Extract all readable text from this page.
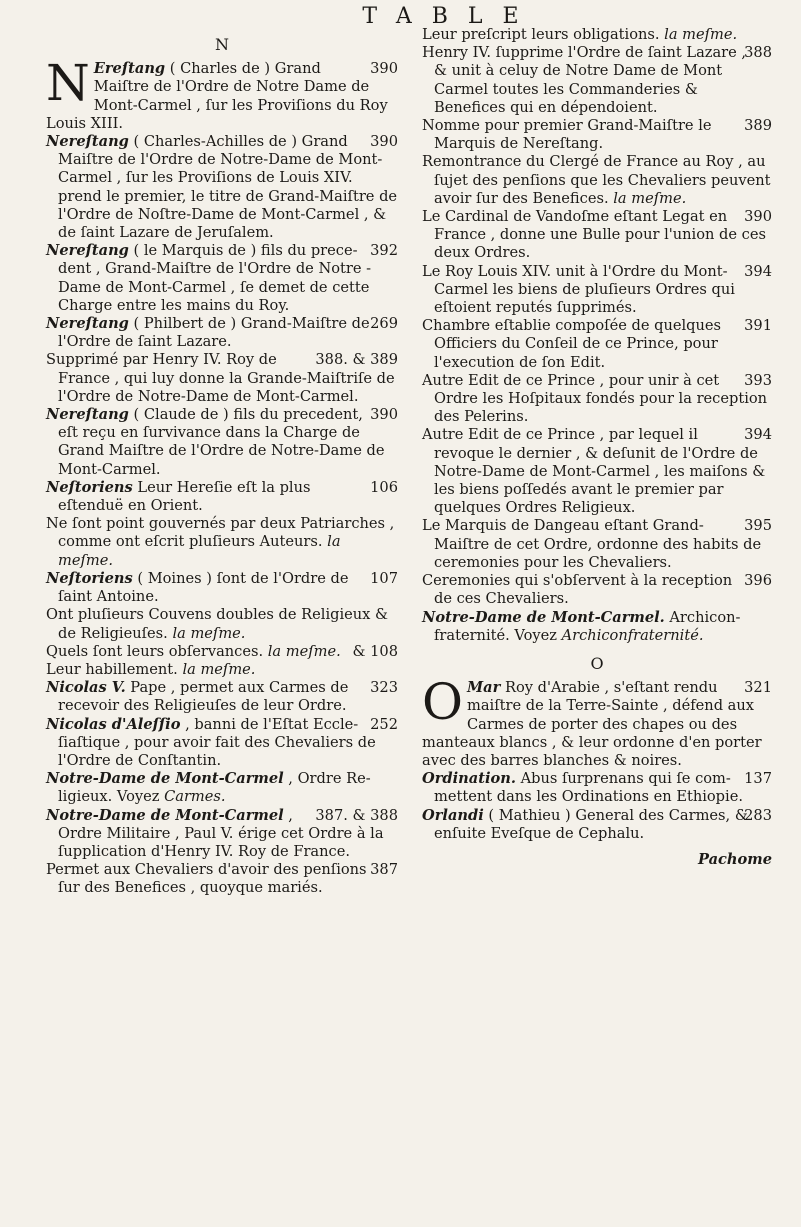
TABLE
N

N	390
Ereſtang ( Charles de ) Grand Maiſtre de l'Ordre de Notre Dame de Mont-Carmel , ſur les Proviſions du Roy Louis XIII.

390
Nereſtang ( Charles-Achilles de ) Grand Maiſtre de l'Ordre de Notre-Dame de Mont-Carmel , ſur les Proviſions de Louis XIV. prend le premier, le titre de Grand-Maiſtre de l'Ordre de Noſtre-Dame de Mont-Carmel , & de ſaint Lazare de Jeruſalem.

392
Nereſtang ( le Marquis de ) fils du precedent , Grand-Maiſtre de l'Ordre de Notre - Dame de Mont-Carmel , ſe demet de cette Charge entre les mains du Roy.

269
Nereſtang ( Philbert de ) Grand-Maiſtre de l'Ordre de ſaint Lazare.

388. & 389
Supprimé par Henry IV. Roy de France , qui luy donne la Grande-Maiſtriſe de l'Ordre de Notre-Dame de Mont-Carmel.

390
Nereſtang ( Claude de ) fils du precedent, eſt reçu en ſurvivance dans la Charge de Grand Maiſtre de l'Ordre de Notre-Dame de Mont-Carmel.

106
Neſtoriens Leur Hereſie eſt la plus eſtenduë en Orient.

Ne ſont point gouvernés par deux Patriarches , comme ont eſcrit pluſieurs Auteurs. la meſme.

107
Neſtoriens ( Moines ) ſont de l'Ordre de ſaint Antoine.

Ont pluſieurs Couvens doubles de Religieux & de Religieuſes. la meſme.

& 108
Quels ſont leurs obſervances. la meſme.

Leur habillement. la meſme.

323
Nicolas V. Pape , permet aux Carmes de recevoir des Religieuſes de leur Ordre.

252
Nicolas d'Aleſſio , banni de l'Eſtat Eccleſiaſtique , pour avoir fait des Chevaliers de l'Ordre de Conſtantin.

Notre-Dame de Mont-Carmel , Ordre Religieux. Voyez Carmes.

387. & 388
Notre-Dame de Mont-Carmel , Ordre Militaire , Paul V. érige cet Ordre à la ſupplication d'Henry IV. Roy de France.

387
Permet aux Chevaliers d'avoir des penſions ſur des Benefices , quoyque mariés.

Leur preſcript leurs obligations. la meſme.

388
Henry IV. ſupprime l'Ordre de ſaint Lazare , & unit à celuy de Notre Dame de Mont Carmel toutes les Commanderies & Benefices qui en dépendoient.

389
Nomme pour premier Grand-Maiſtre le Marquis de Nereſtang.

Remontrance du Clergé de France au Roy , au ſujet des penſions que les Chevaliers peuvent avoir ſur des Benefices. la meſme.

390
Le Cardinal de Vandoſme eſtant Legat en France , donne une Bulle pour l'union de ces deux Ordres.

394
Le Roy Louis XIV. unit à l'Ordre du Mont-Carmel les biens de pluſieurs Ordres qui eſtoient reputés ſupprimés.

391
Chambre eſtablie compoſée de quelques Officiers du Conſeil de ce Prince, pour l'execution de ſon Edit.

393
Autre Edit de ce Prince , pour unir à cet Ordre les Hoſpitaux fondés pour la reception des Pelerins.

394
Autre Edit de ce Prince , par lequel il revoque le dernier , & deſunit de l'Ordre de Notre-Dame de Mont-Carmel , les maiſons & les biens poſſedés avant le premier par quelques Ordres Religieux.

395
Le Marquis de Dangeau eſtant Grand-Maiſtre de cet Ordre, ordonne des habits de ceremonies pour les Chevaliers.

396
Ceremonies qui s'obſervent à la reception de ces Chevaliers.

Notre-Dame de Mont-Carmel. Archiconfraternité. Voyez Archiconfraternité.

O

O	321
Mar Roy d'Arabie , s'eſtant rendu maiſtre de la Terre-Sainte , défend aux Carmes de porter des chapes ou des manteaux blancs , & leur ordonne d'en porter avec des barres blanches & noires.

137
Ordination. Abus ſurprenans qui ſe commettent dans les Ordinations en Ethiopie.

283
Orlandi ( Mathieu ) General des Carmes, & enſuite Eveſque de Cephalu.

Pachome
